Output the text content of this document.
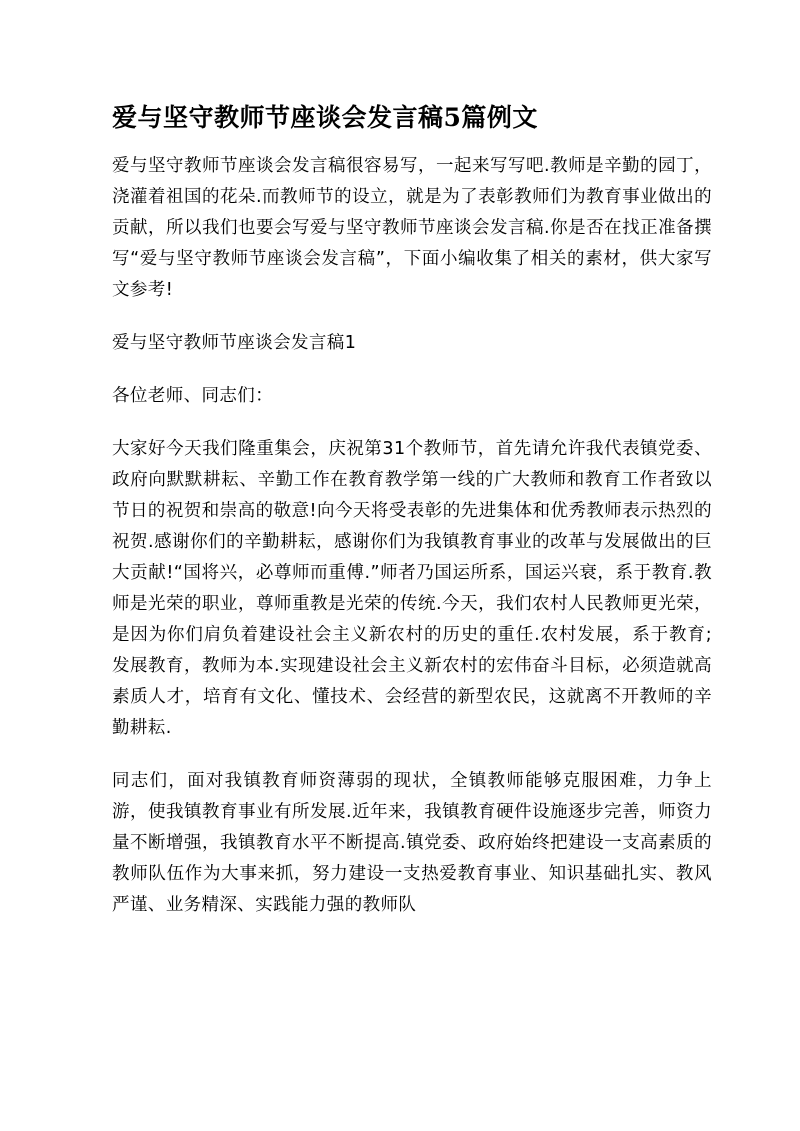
爱与坚守教师节座谈会发言稿5篇例文

爱与坚守教师节座谈会发言稿很容易写，一起来写写吧.教师是辛勤的园丁，浇灌着祖国的花朵.而教师节的设立，就是为了表彰教师们为教育事业做出的贡献，所以我们也要会写爱与坚守教师节座谈会发言稿.你是否在找正准备撰写“爱与坚守教师节座谈会发言稿”，下面小编收集了相关的素材，供大家写文参考!

爱与坚守教师节座谈会发言稿1

各位老师、同志们：

大家好今天我们隆重集会，庆祝第31个教师节，首先请允许我代表镇党委、政府向默默耕耘、辛勤工作在教育教学第一线的广大教师和教育工作者致以节日的祝贺和崇高的敬意!向今天将受表彰的先进集体和优秀教师表示热烈的祝贺.感谢你们的辛勤耕耘，感谢你们为我镇教育事业的改革与发展做出的巨大贡献!“国将兴，必尊师而重傅.”师者乃国运所系，国运兴衰，系于教育.教师是光荣的职业，尊师重教是光荣的传统.今天，我们农村人民教师更光荣，是因为你们肩负着建设社会主义新农村的历史的重任.农村发展，系于教育;发展教育，教师为本.实现建设社会主义新农村的宏伟奋斗目标，必须造就高素质人才，培育有文化、懂技术、会经营的新型农民，这就离不开教师的辛勤耕耘.

同志们，面对我镇教育师资薄弱的现状，全镇教师能够克服困难，力争上游，使我镇教育事业有所发展.近年来，我镇教育硬件设施逐步完善，师资力量不断增强，我镇教育水平不断提高.镇党委、政府始终把建设一支高素质的教师队伍作为大事来抓，努力建设一支热爱教育事业、知识基础扎实、教风严谨、业务精深、实践能力强的教师队
